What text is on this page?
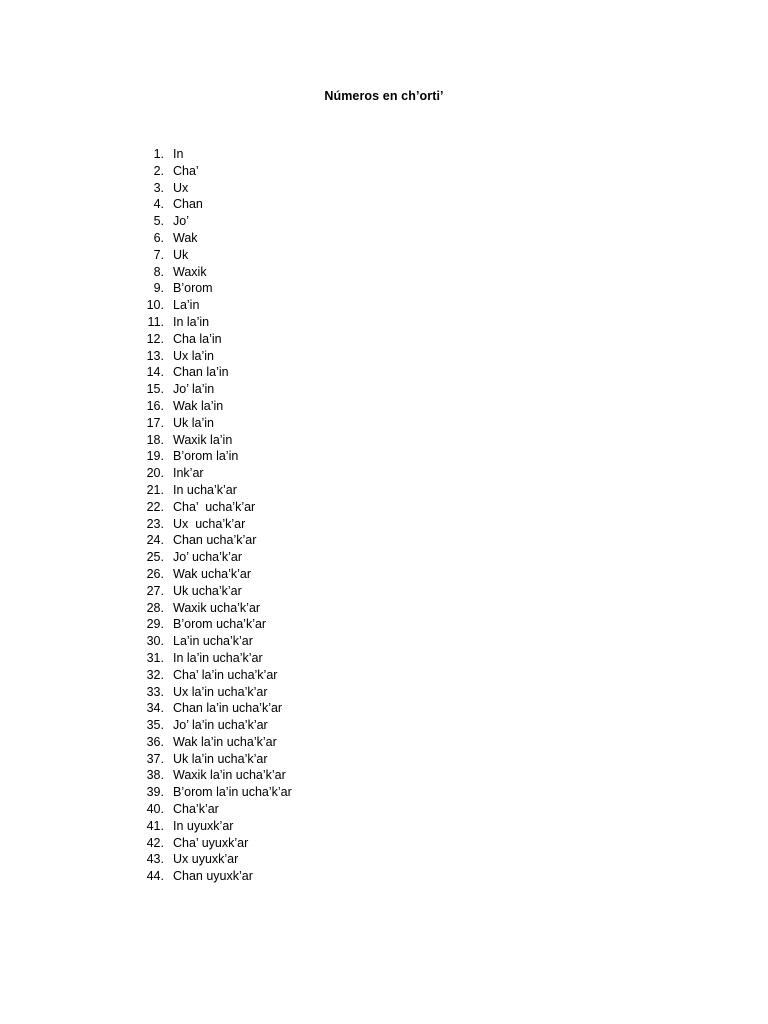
Números en ch’orti’
1. In
2. Cha’
3. Ux
4. Chan
5. Jo’
6. Wak
7. Uk
8. Waxik
9. B’orom
10. La’in
11. In la’in
12. Cha la’in
13. Ux la’in
14. Chan la’in
15. Jo’ la’in
16. Wak la’in
17. Uk la’in
18. Waxik la’in
19. B’orom la’in
20. Ink’ar
21. In ucha’k’ar
22. Cha’  ucha’k’ar
23. Ux  ucha’k’ar
24. Chan ucha’k’ar
25. Jo’ ucha’k’ar
26. Wak ucha’k’ar
27. Uk ucha’k’ar
28. Waxik ucha’k’ar
29. B’orom ucha’k’ar
30. La’in ucha’k’ar
31. In la’in ucha’k’ar
32. Cha’ la’in ucha’k’ar
33. Ux la’in ucha’k’ar
34. Chan la’in ucha’k’ar
35. Jo’ la’in ucha’k’ar
36. Wak la’in ucha’k’ar
37. Uk la’in ucha’k’ar
38. Waxik la’in ucha’k’ar
39. B’orom la’in ucha’k’ar
40. Cha’k’ar
41. In uyuxk’ar
42. Cha’ uyuxk’ar
43. Ux uyuxk’ar
44. Chan uyuxk’ar
